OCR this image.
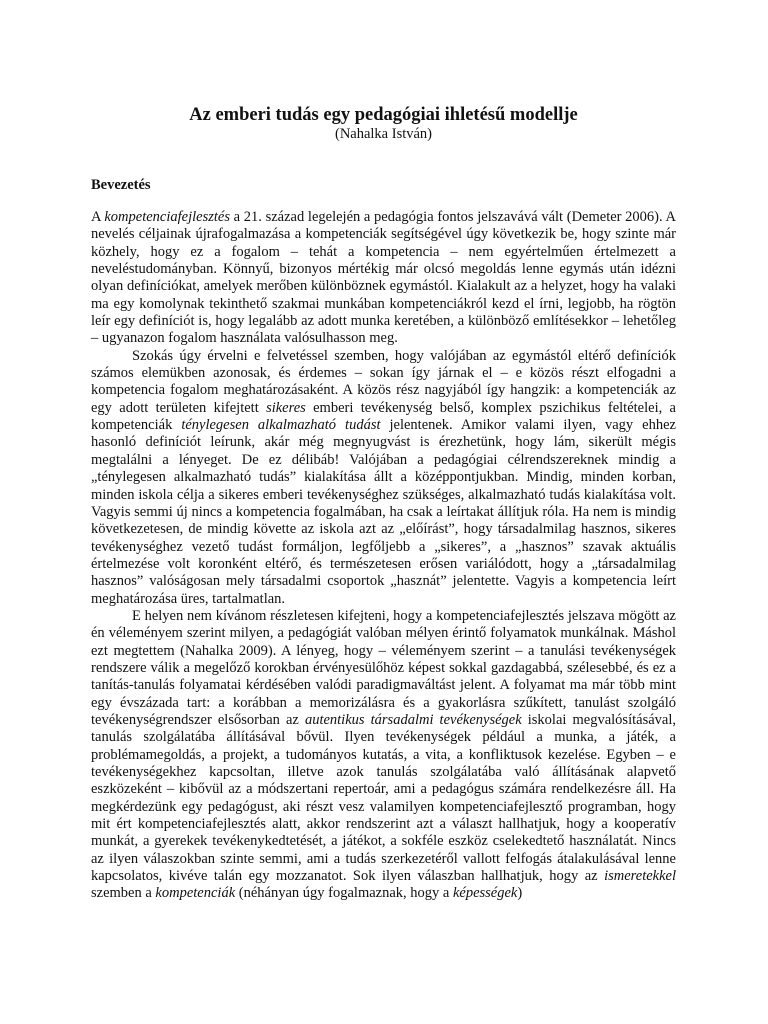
Az emberi tudás egy pedagógiai ihletésű modellje

(Nahalka István)

Bevezetés

A kompetenciafejlesztés a 21. század legelején a pedagógia fontos jelszavává vált (Demeter 2006). A nevelés céljainak újrafogalmazása a kompetenciák segítségével úgy következik be, hogy szinte már közhely, hogy ez a fogalom – tehát a kompetencia – nem egyértelműen értelmezett a neveléstudományban. Könnyű, bizonyos mértékig már olcsó megoldás lenne egymás után idézni olyan definíciókat, amelyek merőben különböznek egymástól. Kialakult az a helyzet, hogy ha valaki ma egy komolynak tekinthető szakmai munkában kompetenciákról kezd el írni, legjobb, ha rögtön leír egy definíciót is, hogy legalább az adott munka keretében, a különböző említésekkor – lehetőleg – ugyanazon fogalom használata valósulhasson meg.

Szokás úgy érvelni e felvetéssel szemben, hogy valójában az egymástól eltérő definíciók számos elemükben azonosak, és érdemes – sokan így járnak el – e közös részt elfogadni a kompetencia fogalom meghatározásaként. A közös rész nagyjából így hangzik: a kompetenciák az egy adott területen kifejtett sikeres emberi tevékenység belső, komplex pszichikus feltételei, a kompetenciák ténylegesen alkalmazható tudást jelentenek. Amikor valami ilyen, vagy ehhez hasonló definíciót leírunk, akár még megnyugvást is érezhetünk, hogy lám, sikerült mégis megtalálni a lényeget. De ez délibáb! Valójában a pedagógiai célrendszereknek mindig a „ténylegesen alkalmazható tudás” kialakítása állt a középpontjukban. Mindig, minden korban, minden iskola célja a sikeres emberi tevékenységhez szükséges, alkalmazható tudás kialakítása volt. Vagyis semmi új nincs a kompetencia fogalmában, ha csak a leírtakat állítjuk róla. Ha nem is mindig következetesen, de mindig követte az iskola azt az „előírást”, hogy társadalmilag hasznos, sikeres tevékenységhez vezető tudást formáljon, legfőljebb a „sikeres”, a „hasznos” szavak aktuális értelmezése volt koronként eltérő, és természetesen erősen variálódott, hogy a „társadalmilag hasznos” valóságosan mely társadalmi csoportok „hasznát” jelentette. Vagyis a kompetencia leírt meghatározása üres, tartalmatlan.

E helyen nem kívánom részletesen kifejteni, hogy a kompetenciafejlesztés jelszava mögött az én véleményem szerint milyen, a pedagógiát valóban mélyen érintő folyamatok munkálnak. Máshol ezt megtettem (Nahalka 2009). A lényeg, hogy – véleményem szerint – a tanulási tevékenységek rendszere válik a megelőző korokban érvényesülőhöz képest sokkal gazdagabbá, szélesebbé, és ez a tanítás-tanulás folyamatai kérdésében valódi paradigmaváltást jelent. A folyamat ma már több mint egy évszázada tart: a korábban a memorizálásra és a gyakorlásra szűkített, tanulást szolgáló tevékenységrendszer elsősorban az autentikus társadalmi tevékenységek iskolai megvalósításával, tanulás szolgálatába állításával bővül. Ilyen tevékenységek például a munka, a játék, a problémamegoldás, a projekt, a tudományos kutatás, a vita, a konfliktusok kezelése. Egyben – e tevékenységekhez kapcsoltan, illetve azok tanulás szolgálatába való állításának alapvető eszközeként – kibővül az a módszertani repertoár, ami a pedagógus számára rendelkezésre áll. Ha megkérdezünk egy pedagógust, aki részt vesz valamilyen kompetenciafejlesztő programban, hogy mit ért kompetenciafejlesztés alatt, akkor rendszerint azt a választ hallhatjuk, hogy a kooperatív munkát, a gyerekek tevékenykedtetését, a játékot, a sokféle eszköz cselekedtető használatát. Nincs az ilyen válaszokban szinte semmi, ami a tudás szerkezetéről vallott felfogás átalakulásával lenne kapcsolatos, kivéve talán egy mozzanatot. Sok ilyen válaszban hallhatjuk, hogy az ismeretekkel szemben a kompetenciák (néhányan úgy fogalmaznak, hogy a képességek)
